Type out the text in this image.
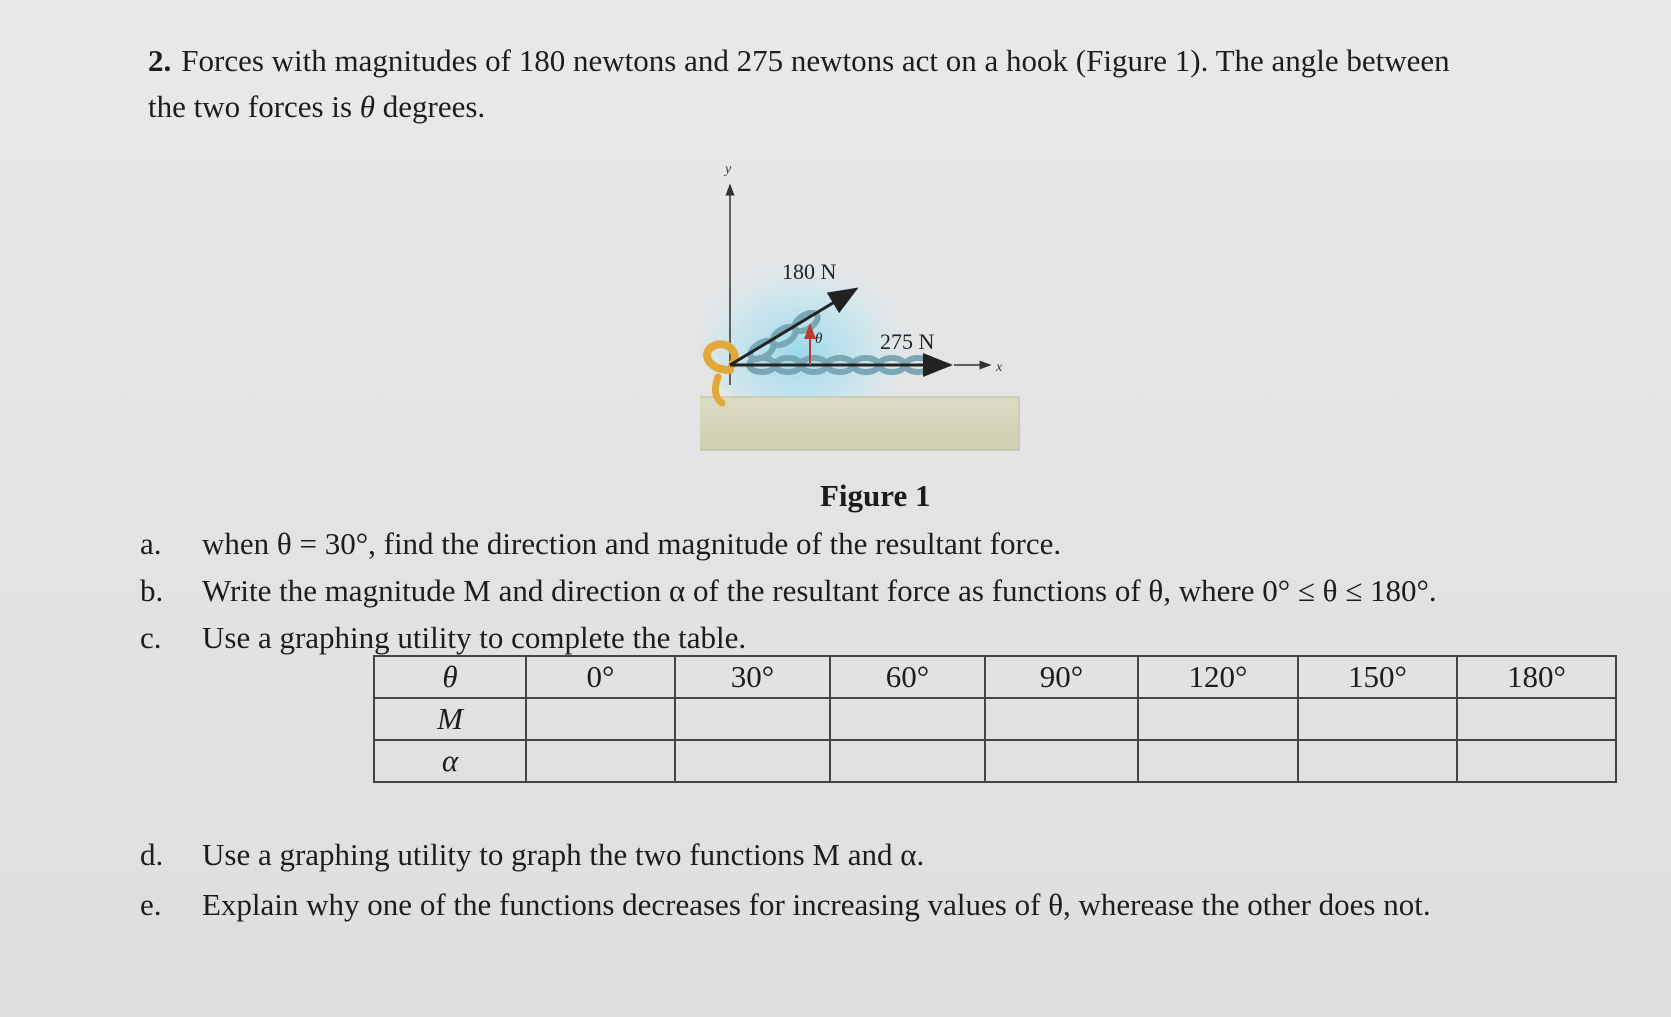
2. Forces with magnitudes of 180 newtons and 275 newtons act on a hook (Figure 1). The angle between
the two forces is θ degrees.
y
x
275 N
180 N
θ
Figure 1
a.	when θ = 30°, find the direction and magnitude of the resultant force.
b.	Write the magnitude M and direction α of the resultant force as functions of θ, where 0° ≤ θ ≤ 180°.
c.	Use a graphing utility to complete the table.
θ	0°	30°	60°	90°	120°	150°	180°
M							
α							
d.	Use a graphing utility to graph the two functions M and α.
e.	Explain why one of the functions decreases for increasing values of θ, wherease the other does not.
